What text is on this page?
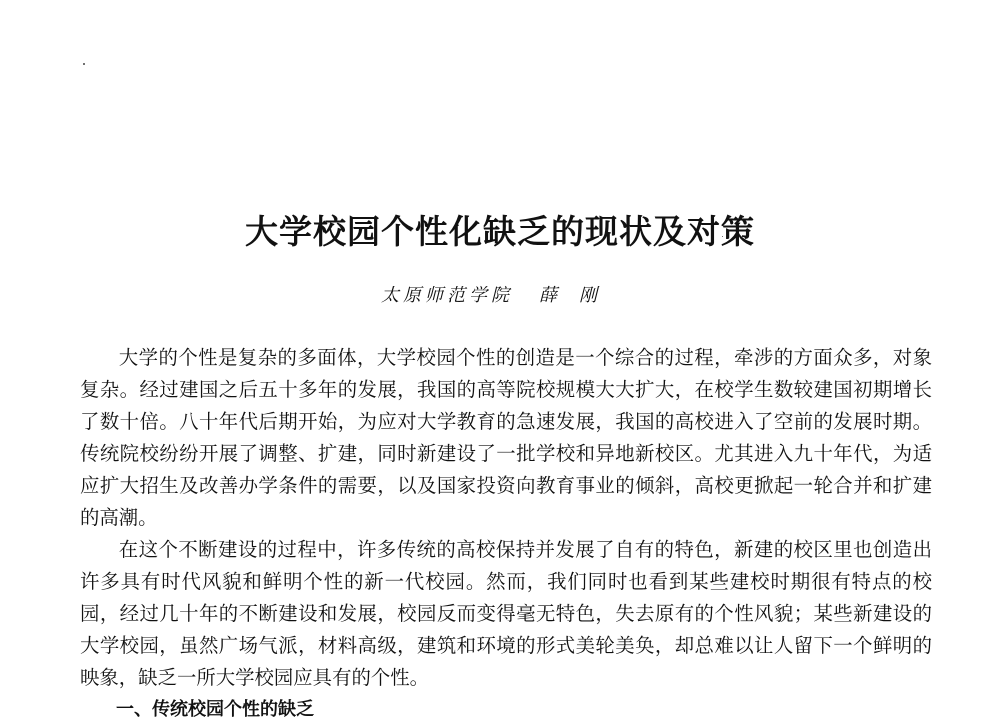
大学校园个性化缺乏的现状及对策
太原师范学院 薛刚

大学的个性是复杂的多面体，大学校园个性的创造是一个综合的过程，牵涉的方面众多，对象复杂。经过建国之后五十多年的发展，我国的高等院校规模大大扩大，在校学生数较建国初期增长了数十倍。八十年代后期开始，为应对大学教育的急速发展，我国的高校进入了空前的发展时期。传统院校纷纷开展了调整、扩建，同时新建设了一批学校和异地新校区。尤其进入九十年代，为适应扩大招生及改善办学条件的需要，以及国家投资向教育事业的倾斜，高校更掀起一轮合并和扩建的高潮。

在这个不断建设的过程中，许多传统的高校保持并发展了自有的特色，新建的校区里也创造出许多具有时代风貌和鲜明个性的新一代校园。然而，我们同时也看到某些建校时期很有特点的校园，经过几十年的不断建设和发展，校园反而变得毫无特色，失去原有的个性风貌；某些新建设的大学校园，虽然广场气派，材料高级，建筑和环境的形式美轮美奂，却总难以让人留下一个鲜明的映象，缺乏一所大学校园应具有的个性。

一、传统校园个性的缺乏
